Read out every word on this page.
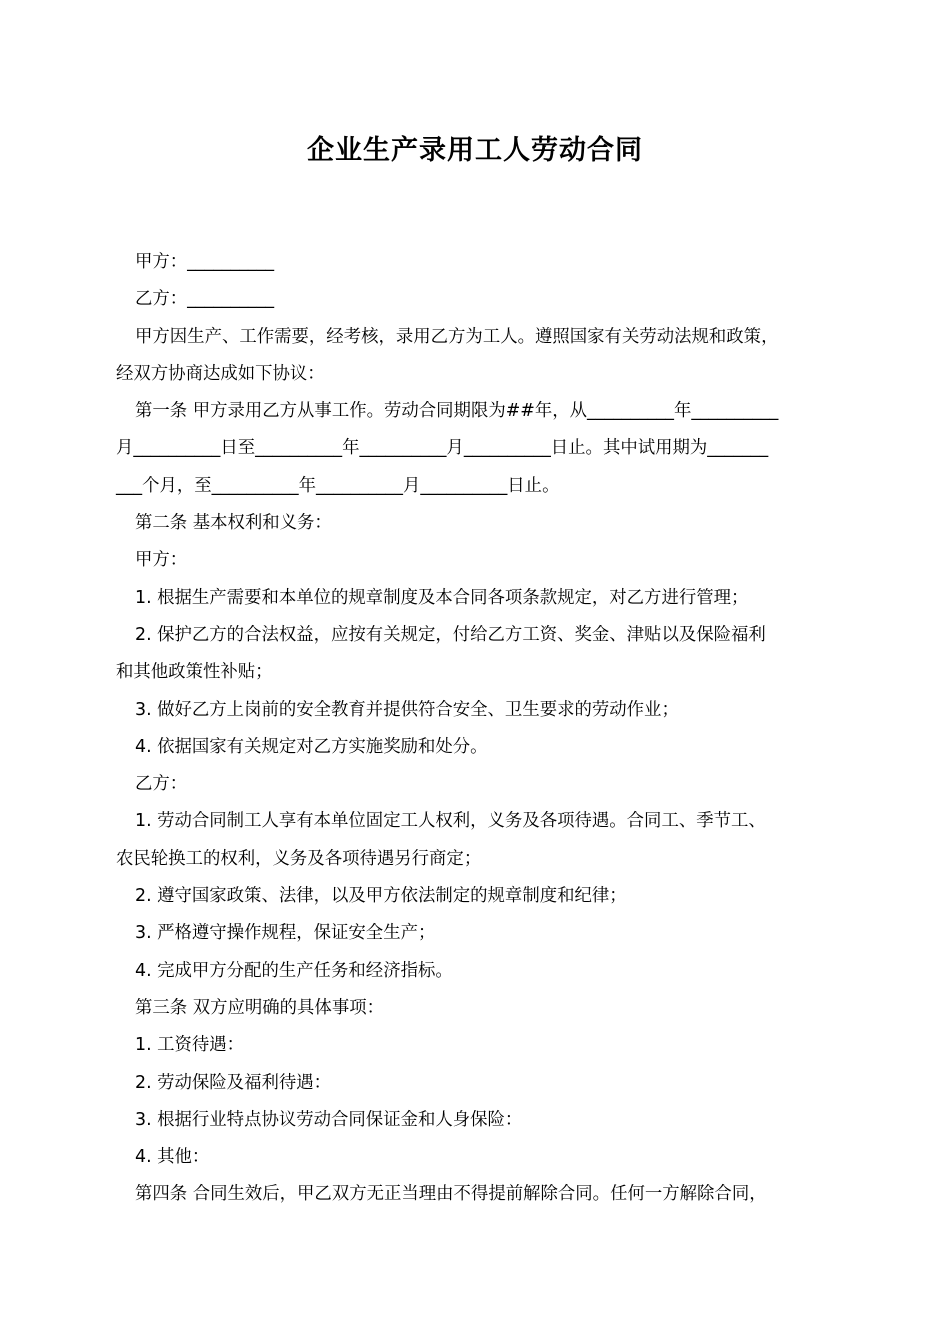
企业生产录用工人劳动合同
甲方：__________
乙方：__________
甲方因生产、工作需要，经考核，录用乙方为工人。遵照国家有关劳动法规和政策，
经双方协商达成如下协议：
第一条 甲方录用乙方从事工作。劳动合同期限为##年，从__________年__________
月__________日至__________年__________月__________日止。其中试用期为_______
___个月，至__________年__________月__________日止。
第二条 基本权利和义务：
甲方：
1. 根据生产需要和本单位的规章制度及本合同各项条款规定，对乙方进行管理；
2. 保护乙方的合法权益，应按有关规定，付给乙方工资、奖金、津贴以及保险福利
和其他政策性补贴；
3. 做好乙方上岗前的安全教育并提供符合安全、卫生要求的劳动作业；
4. 依据国家有关规定对乙方实施奖励和处分。
乙方：
1. 劳动合同制工人享有本单位固定工人权利，义务及各项待遇。合同工、季节工、
农民轮换工的权利，义务及各项待遇另行商定；
2. 遵守国家政策、法律，以及甲方依法制定的规章制度和纪律；
3. 严格遵守操作规程，保证安全生产；
4. 完成甲方分配的生产任务和经济指标。
第三条 双方应明确的具体事项：
1. 工资待遇：
2. 劳动保险及福利待遇：
3. 根据行业特点协议劳动合同保证金和人身保险：
4. 其他：
第四条 合同生效后，甲乙双方无正当理由不得提前解除合同。任何一方解除合同，
